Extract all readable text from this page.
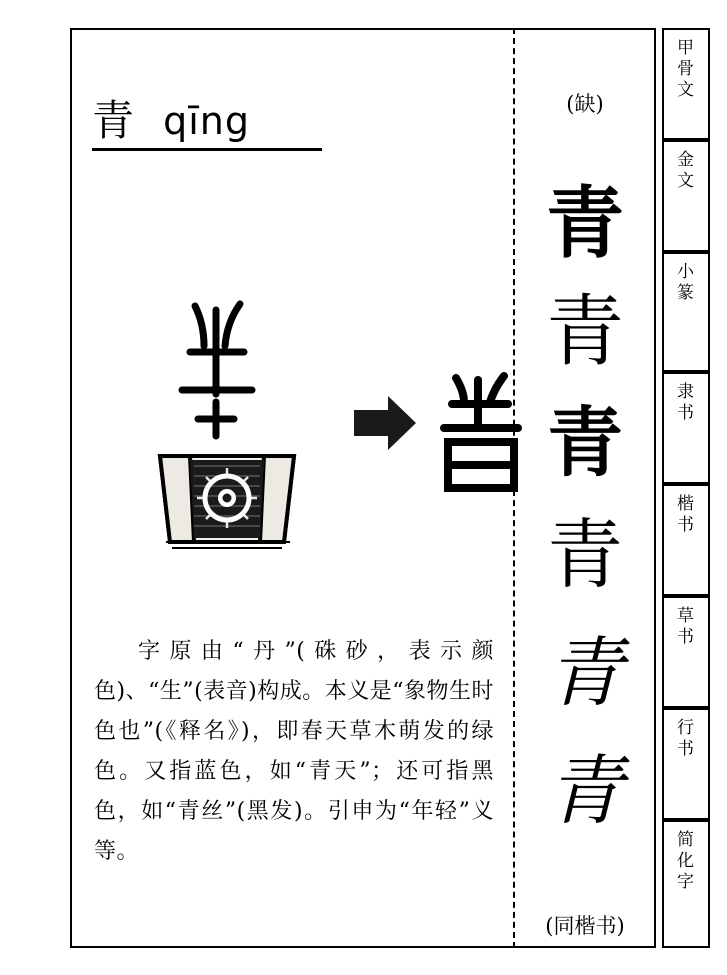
青 qīng

字原由“丹”(硃砂，表示颜色)、“生”(表音)构成。本义是“象物生时色也”(《释名》)，即春天草木萌发的绿色。又指蓝色，如“青天”；还可指黑色，如“青丝”(黑发)。引申为“年轻”义等。

(缺)
青
青
青
青
青
青
(同楷书)
甲
骨
文
金
文
小
篆
隶
书
楷
书
草
书
行
书
简
化
字
